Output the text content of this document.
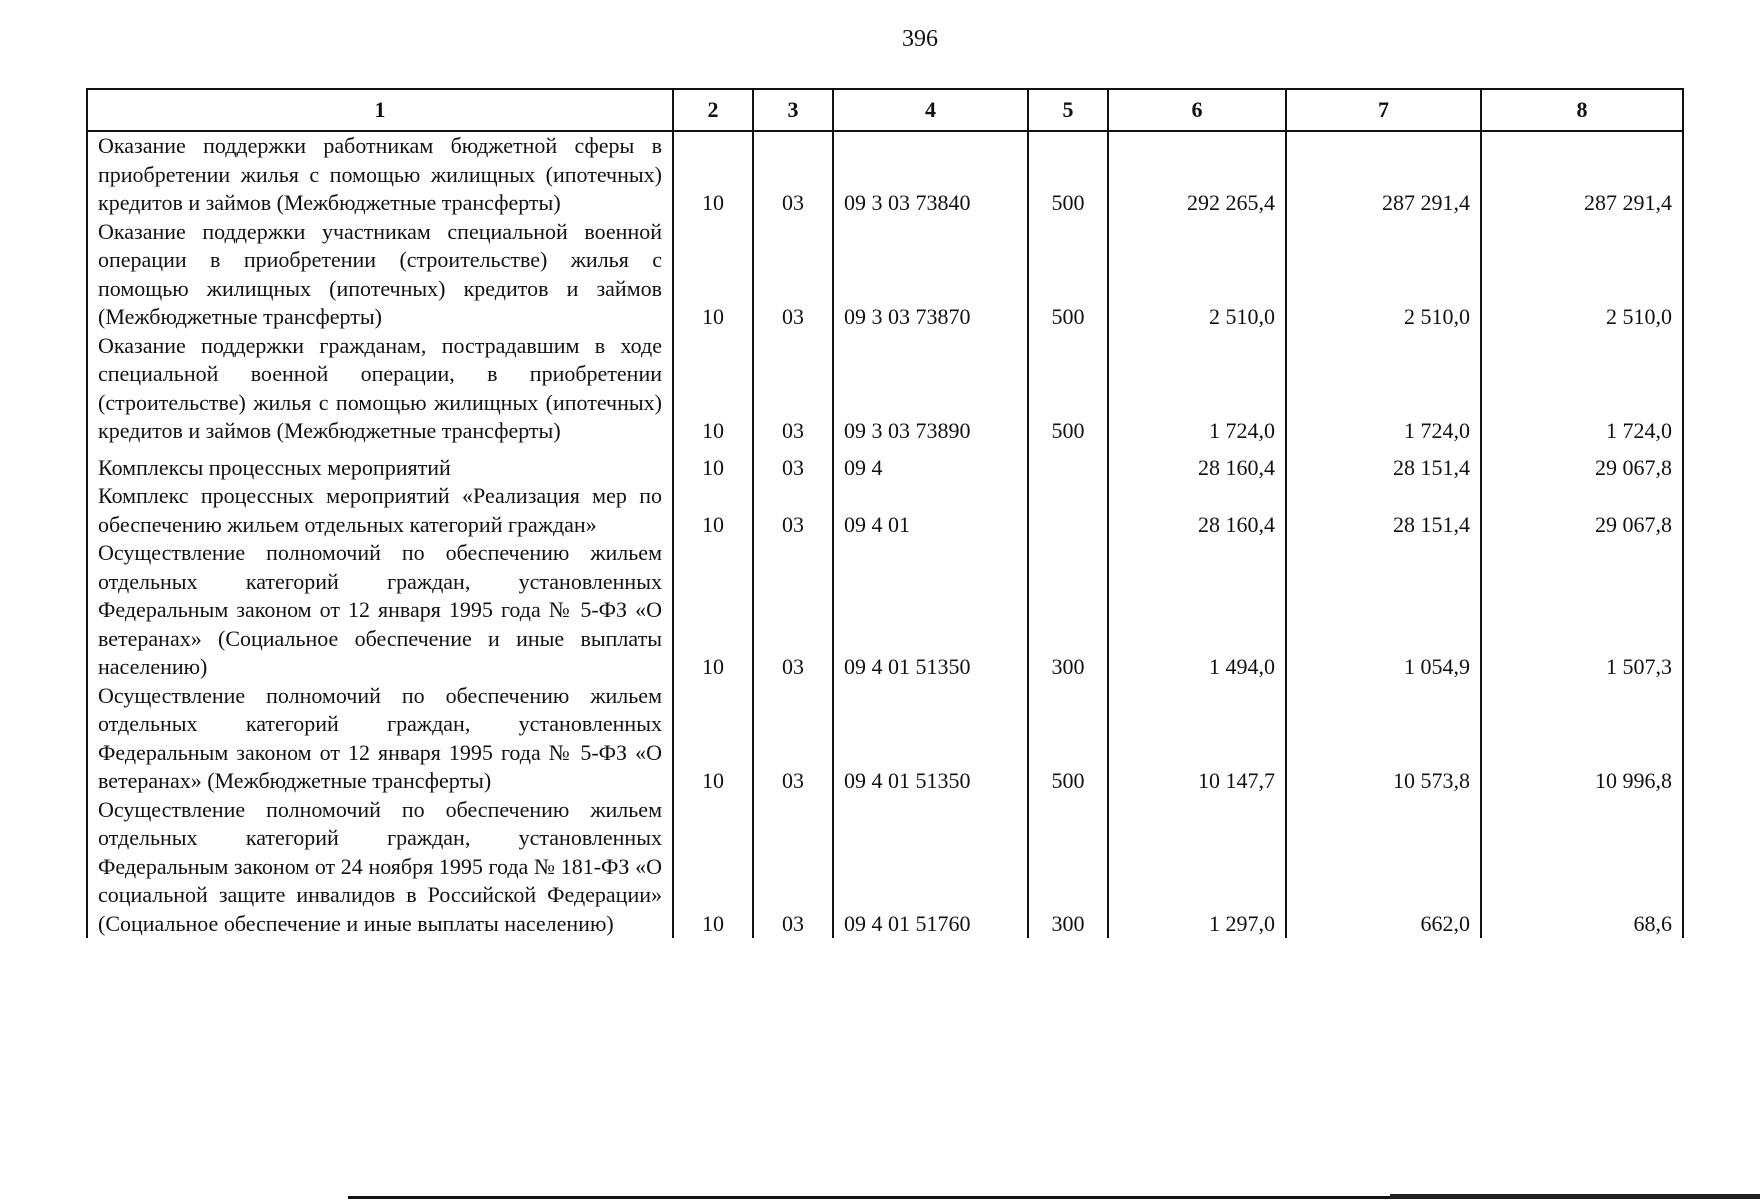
396
1	2	3	4	5	6	7	8
Оказание поддержки работникам бюджетной сферы в приобретении жилья с помощью жилищных (ипотечных) кредитов и займов (Межбюджетные трансферты)	10	03	09 3 03 73840	500	292 265,4	287 291,4	287 291,4
Оказание поддержки участникам специальной военной операции в приобретении (строительстве) жилья с помощью жилищных (ипотечных) кредитов и займов (Межбюджетные трансферты)	10	03	09 3 03 73870	500	2 510,0	2 510,0	2 510,0
Оказание поддержки гражданам, пострадавшим в ходе специальной военной операции, в приобретении (строительстве) жилья с помощью жилищных (ипотечных) кредитов и займов (Межбюджетные трансферты)	10	03	09 3 03 73890	500	1 724,0	1 724,0	1 724,0
Комплексы процессных мероприятий	10	03	09 4		28 160,4	28 151,4	29 067,8
Комплекс процессных мероприятий «Реализация мер по обеспечению жильем отдельных категорий граждан»	10	03	09 4 01		28 160,4	28 151,4	29 067,8
Осуществление полномочий по обеспечению жильем отдельных категорий граждан, установленных Федеральным законом от 12 января 1995 года № 5-ФЗ «О ветеранах» (Социальное обеспечение и иные выплаты населению)	10	03	09 4 01 51350	300	1 494,0	1 054,9	1 507,3
Осуществление полномочий по обеспечению жильем отдельных категорий граждан, установленных Федеральным законом от 12 января 1995 года № 5-ФЗ «О ветеранах» (Межбюджетные трансферты)	10	03	09 4 01 51350	500	10 147,7	10 573,8	10 996,8
Осуществление полномочий по обеспечению жильем отдельных категорий граждан, установленных Федеральным законом от 24 ноября 1995 года № 181-ФЗ «О социальной защите инвалидов в Российской Федерации» (Социальное обеспечение и иные выплаты населению)	10	03	09 4 01 51760	300	1 297,0	662,0	68,6
